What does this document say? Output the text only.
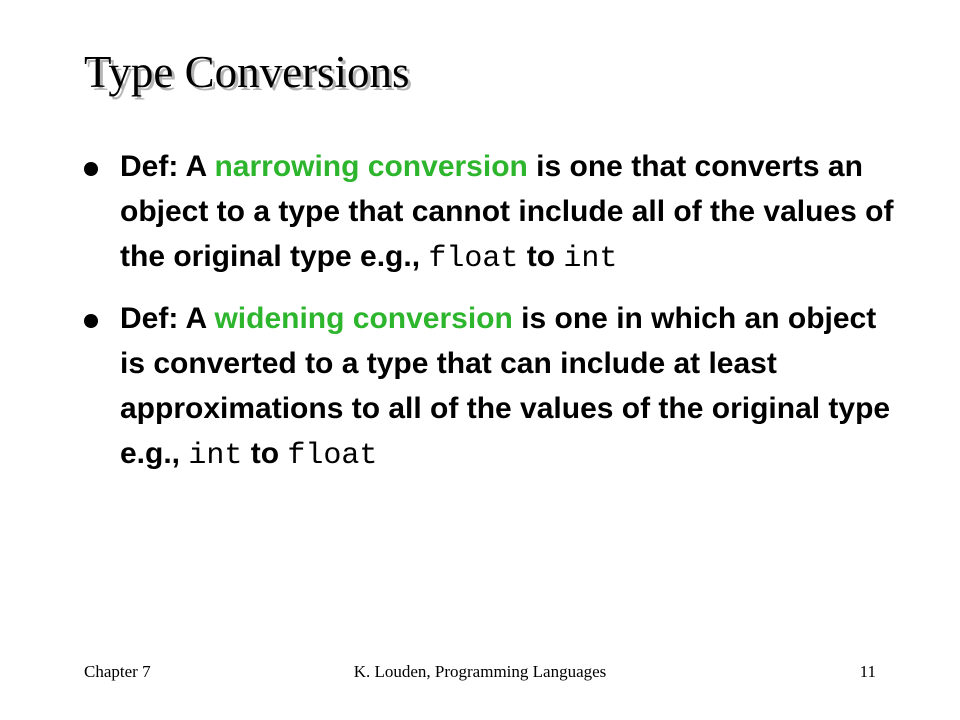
Type Conversions
Def: A narrowing conversion is one that converts an object to a type that cannot include all of the values of the original type e.g., float to int
Def: A widening conversion is one in which an object is converted to a type that can include at least approximations to all of the values of the original type e.g., int to float
Chapter 7	K. Louden, Programming Languages	11
